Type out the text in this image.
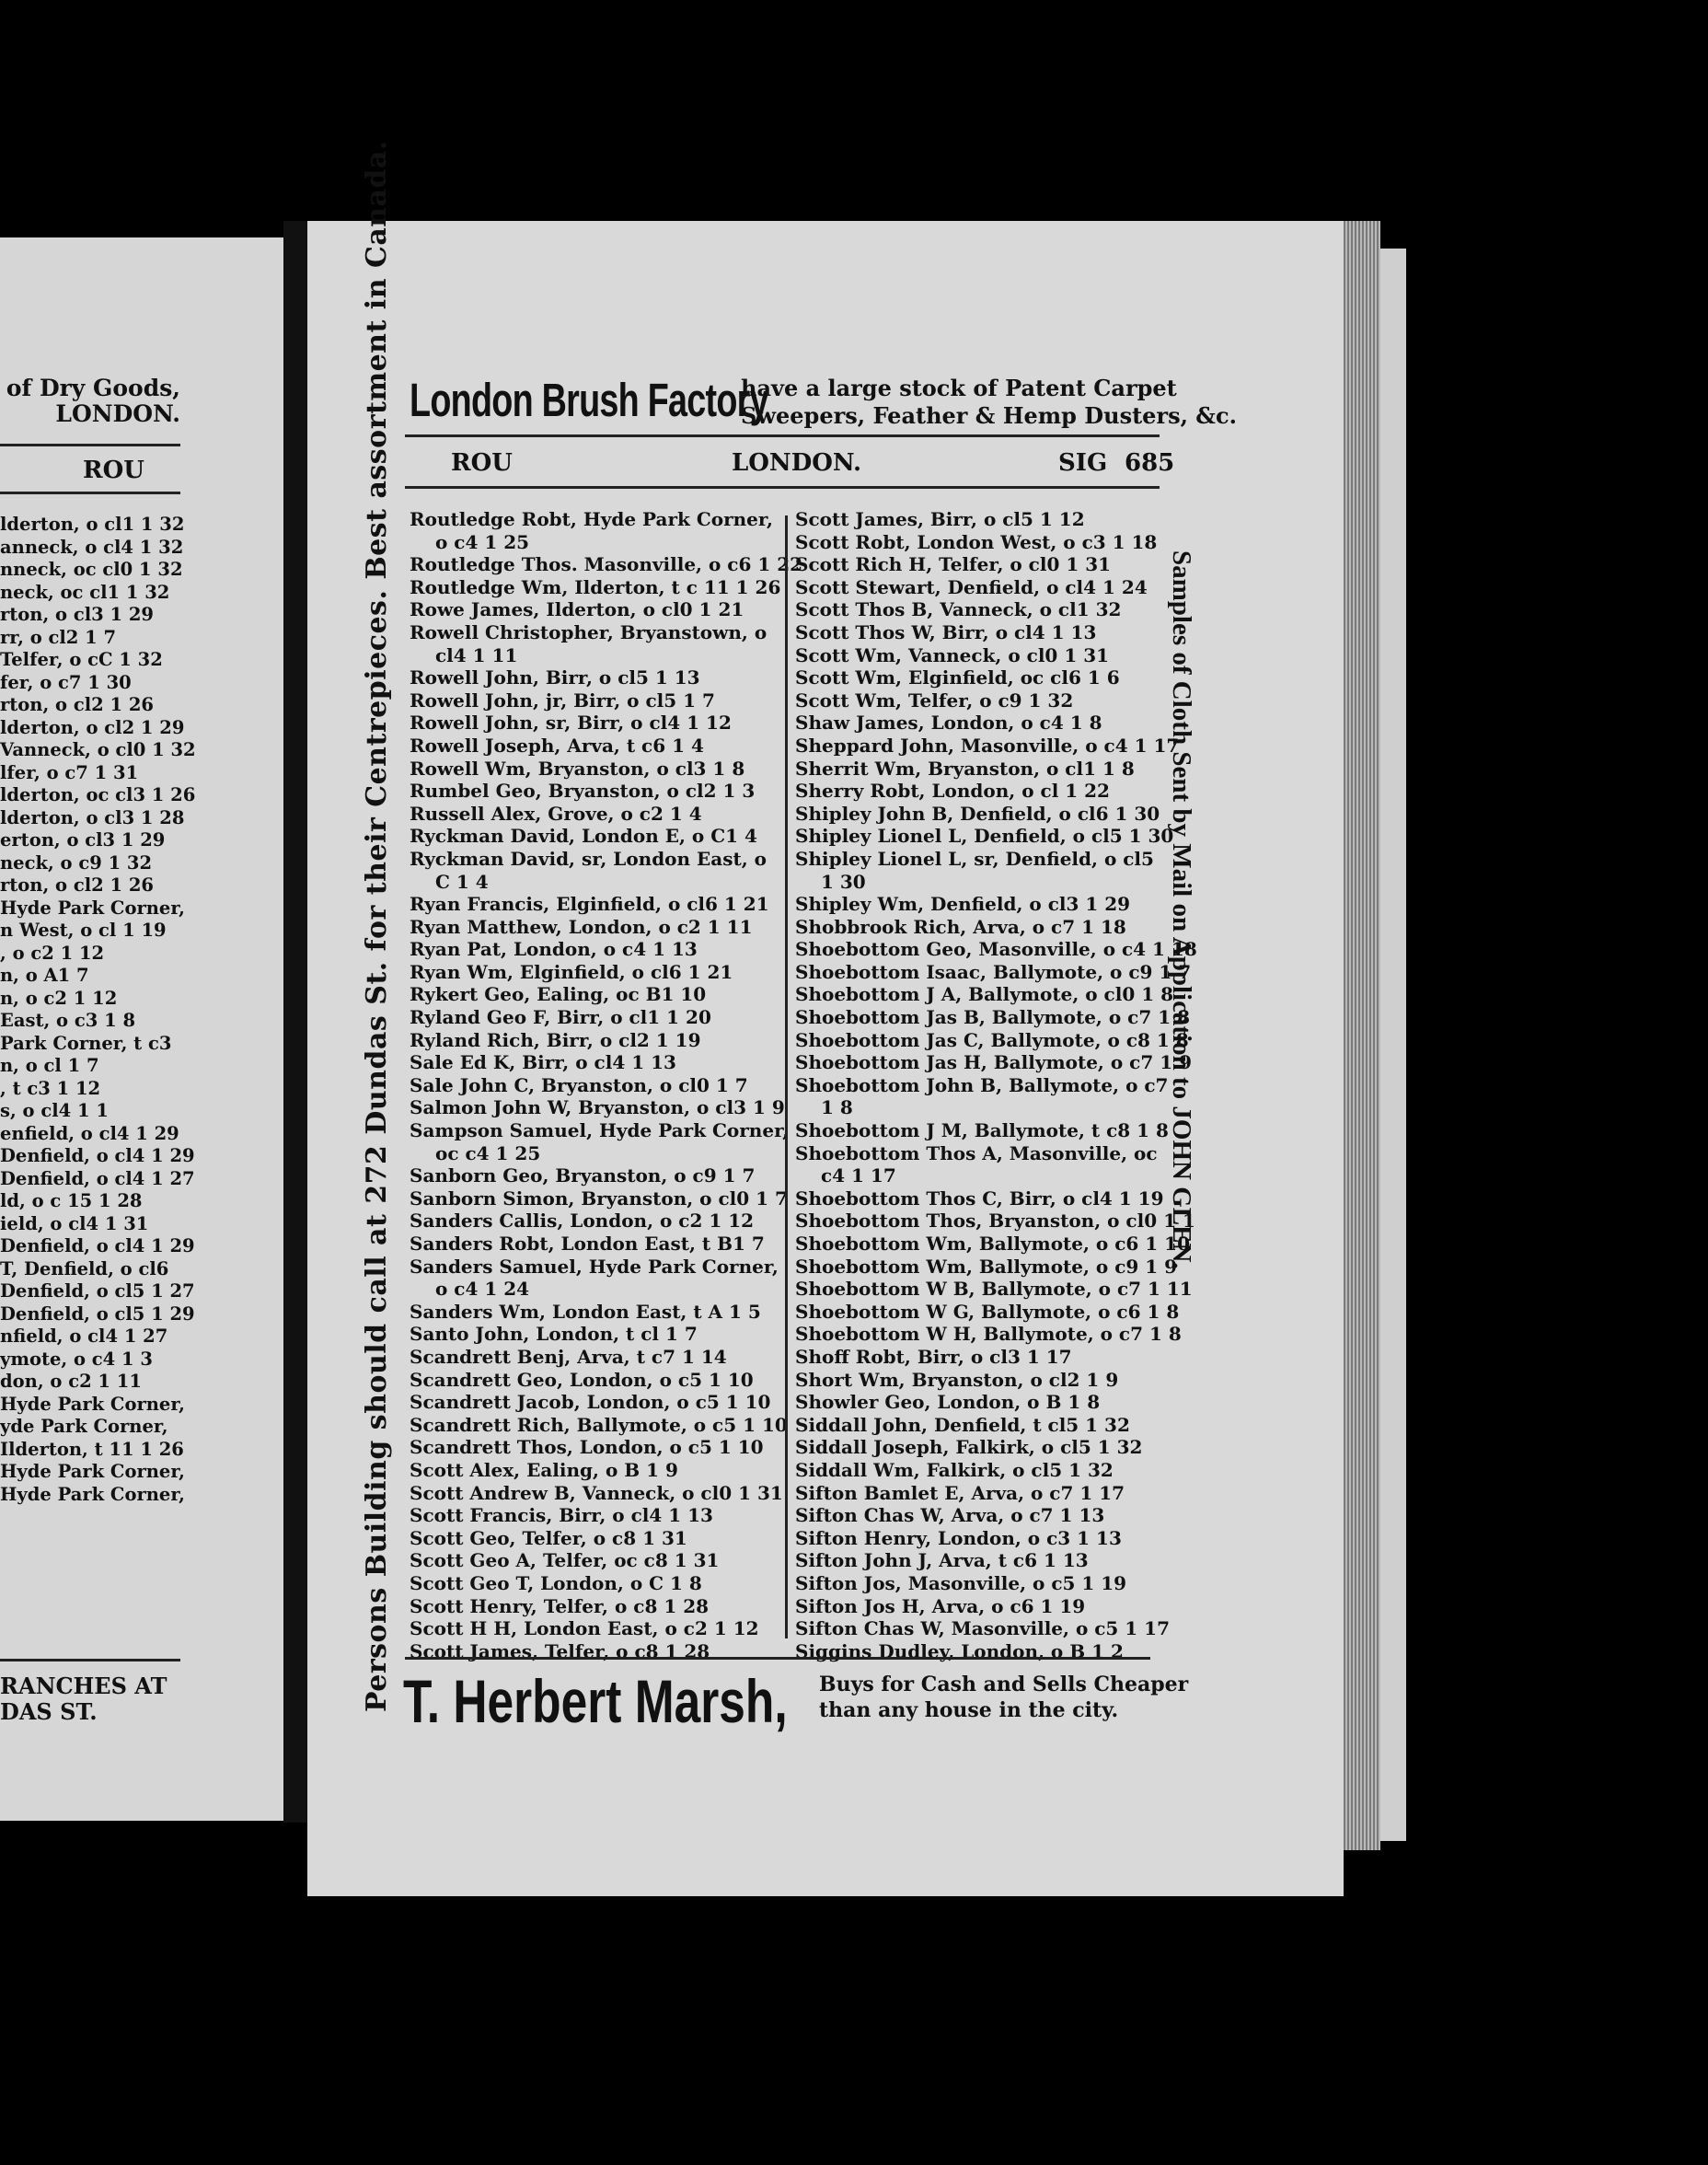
of Dry Goods,
LONDON.
ROU
lderton, o cl1 1 32
anneck, o cl4 1 32
nneck, oc cl0 1 32
neck, oc cl1 1 32
rton, o cl3 1 29
rr, o cl2 1 7
Telfer, o cC 1 32
fer, o c7 1 30
rton, o cl2 1 26
lderton, o cl2 1 29
Vanneck, o cl0 1 32
lfer, o c7 1 31
lderton, oc cl3 1 26
lderton, o cl3 1 28
erton, o cl3 1 29
neck, o c9 1 32
rton, o cl2 1 26
Hyde Park Corner,
n West, o cl 1 19
, o c2 1 12
n, o A1 7
n, o c2 1 12
East, o c3 1 8
Park Corner, t c3
n, o cl 1 7
, t c3 1 12
s, o cl4 1 1
enfield, o cl4 1 29
Denfield, o cl4 1 29
Denfield, o cl4 1 27
ld, o c 15 1 28
ield, o cl4 1 31
Denfield, o cl4 1 29
T, Denfield, o cl6
Denfield, o cl5 1 27
Denfield, o cl5 1 29
nfield, o cl4 1 27
ymote, o c4 1 3
don, o c2 1 11
Hyde Park Corner,
yde Park Corner,
Ilderton, t 11 1 26
Hyde Park Corner,
Hyde Park Corner,
RANCHES AT
DAS ST.	Persons Building should call at 272 Dundas St. for their Centrepieces. Best assortment in Canada.	Samples of Cloth Sent by Mail on Application to JOHN GLEN.
London Brush Factory
have a large stock of Patent Carpet
Sweepers, Feather & Hemp Dusters, &c.
ROU	LONDON.	SIG 685
Routledge Robt, Hyde Park Corner,
o c4 1 25
Routledge Thos. Masonville, o c6 1 22
Routledge Wm, Ilderton, t c 11 1 26
Rowe James, Ilderton, o cl0 1 21
Rowell Christopher, Bryanstown, o
cl4 1 11
Rowell John, Birr, o cl5 1 13
Rowell John, jr, Birr, o cl5 1 7
Rowell John, sr, Birr, o cl4 1 12
Rowell Joseph, Arva, t c6 1 4
Rowell Wm, Bryanston, o cl3 1 8
Rumbel Geo, Bryanston, o cl2 1 3
Russell Alex, Grove, o c2 1 4
Ryckman David, London E, o C1 4
Ryckman David, sr, London East, o
C 1 4
Ryan Francis, Elginfield, o cl6 1 21
Ryan Matthew, London, o c2 1 11
Ryan Pat, London, o c4 1 13
Ryan Wm, Elginfield, o cl6 1 21
Rykert Geo, Ealing, oc B1 10
Ryland Geo F, Birr, o cl1 1 20
Ryland Rich, Birr, o cl2 1 19
Sale Ed K, Birr, o cl4 1 13
Sale John C, Bryanston, o cl0 1 7
Salmon John W, Bryanston, o cl3 1 9
Sampson Samuel, Hyde Park Corner,
oc c4 1 25
Sanborn Geo, Bryanston, o c9 1 7
Sanborn Simon, Bryanston, o cl0 1 7
Sanders Callis, London, o c2 1 12
Sanders Robt, London East, t B1 7
Sanders Samuel, Hyde Park Corner,
o c4 1 24
Sanders Wm, London East, t A 1 5
Santo John, London, t cl 1 7
Scandrett Benj, Arva, t c7 1 14
Scandrett Geo, London, o c5 1 10
Scandrett Jacob, London, o c5 1 10
Scandrett Rich, Ballymote, o c5 1 10
Scandrett Thos, London, o c5 1 10
Scott Alex, Ealing, o B 1 9
Scott Andrew B, Vanneck, o cl0 1 31
Scott Francis, Birr, o cl4 1 13
Scott Geo, Telfer, o c8 1 31
Scott Geo A, Telfer, oc c8 1 31
Scott Geo T, London, o C 1 8
Scott Henry, Telfer, o c8 1 28
Scott H H, London East, o c2 1 12
Scott James, Telfer, o c8 1 28
Scott James, Birr, o cl5 1 12
Scott Robt, London West, o c3 1 18
Scott Rich H, Telfer, o cl0 1 31
Scott Stewart, Denfield, o cl4 1 24
Scott Thos B, Vanneck, o cl1 32
Scott Thos W, Birr, o cl4 1 13
Scott Wm, Vanneck, o cl0 1 31
Scott Wm, Elginfield, oc cl6 1 6
Scott Wm, Telfer, o c9 1 32
Shaw James, London, o c4 1 8
Sheppard John, Masonville, o c4 1 17
Sherrit Wm, Bryanston, o cl1 1 8
Sherry Robt, London, o cl 1 22
Shipley John B, Denfield, o cl6 1 30
Shipley Lionel L, Denfield, o cl5 1 30
Shipley Lionel L, sr, Denfield, o cl5
1 30
Shipley Wm, Denfield, o cl3 1 29
Shobbrook Rich, Arva, o c7 1 18
Shoebottom Geo, Masonville, o c4 1 18
Shoebottom Isaac, Ballymote, o c9 1 7
Shoebottom J A, Ballymote, o cl0 1 8
Shoebottom Jas B, Ballymote, o c7 1 8
Shoebottom Jas C, Ballymote, o c8 1 8
Shoebottom Jas H, Ballymote, o c7 1 9
Shoebottom John B, Ballymote, o c7
1 8
Shoebottom J M, Ballymote, t c8 1 8
Shoebottom Thos A, Masonville, oc
c4 1 17
Shoebottom Thos C, Birr, o cl4 1 19
Shoebottom Thos, Bryanston, o cl0 1 1
Shoebottom Wm, Ballymote, o c6 1 10
Shoebottom Wm, Ballymote, o c9 1 9
Shoebottom W B, Ballymote, o c7 1 11
Shoebottom W G, Ballymote, o c6 1 8
Shoebottom W H, Ballymote, o c7 1 8
Shoff Robt, Birr, o cl3 1 17
Short Wm, Bryanston, o cl2 1 9
Showler Geo, London, o B 1 8
Siddall John, Denfield, t cl5 1 32
Siddall Joseph, Falkirk, o cl5 1 32
Siddall Wm, Falkirk, o cl5 1 32
Sifton Bamlet E, Arva, o c7 1 17
Sifton Chas W, Arva, o c7 1 13
Sifton Henry, London, o c3 1 13
Sifton John J, Arva, t c6 1 13
Sifton Jos, Masonville, o c5 1 19
Sifton Jos H, Arva, o c6 1 19
Sifton Chas W, Masonville, o c5 1 17
Siggins Dudley, London, o B 1 2
T. Herbert Marsh, Buys for Cash and Sells Cheaper
than any house in the city.
